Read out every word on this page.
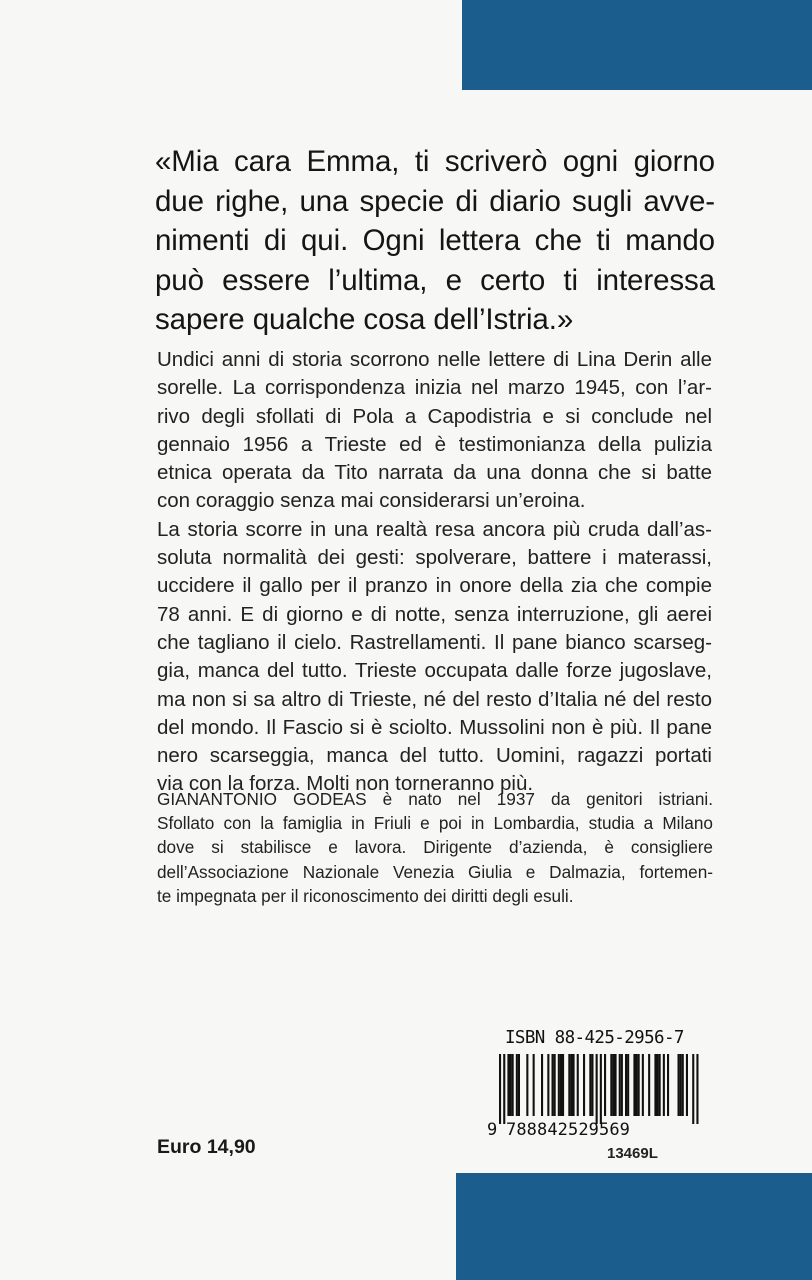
«Mia cara Emma, ti scriverò ogni giorno
due righe, una specie di diario sugli avve-
nimenti di qui. Ogni lettera che ti mando
può essere l’ultima, e certo ti interessa
sapere qualche cosa dell’Istria.»
Undici anni di storia scorrono nelle lettere di Lina Derin alle
sorelle. La corrispondenza inizia nel marzo 1945, con l’ar-
rivo degli sfollati di Pola a Capodistria e si conclude nel
gennaio 1956 a Trieste ed è testimonianza della pulizia
etnica operata da Tito narrata da una donna che si batte
con coraggio senza mai considerarsi un’eroina.
La storia scorre in una realtà resa ancora più cruda dall’as-
soluta normalità dei gesti: spolverare, battere i materassi,
uccidere il gallo per il pranzo in onore della zia che compie
78 anni. E di giorno e di notte, senza interruzione, gli aerei
che tagliano il cielo. Rastrellamenti. Il pane bianco scarseg-
gia, manca del tutto. Trieste occupata dalle forze jugoslave,
ma non si sa altro di Trieste, né del resto d’Italia né del resto
del mondo. Il Fascio si è sciolto. Mussolini non è più. Il pane
nero scarseggia, manca del tutto. Uomini, ragazzi portati
via con la forza. Molti non torneranno più.
GIANANTONIO GODEAS è nato nel 1937 da genitori istriani.
Sfollato con la famiglia in Friuli e poi in Lombardia, studia a Milano
dove si stabilisce e lavora. Dirigente d’azienda, è consigliere
dell’Associazione Nazionale Venezia Giulia e Dalmazia, fortemen-
te impegnata per il riconoscimento dei diritti degli esuli.
ISBN 88-425-2956-7
9 788842529569
13469L
Euro 14,90
